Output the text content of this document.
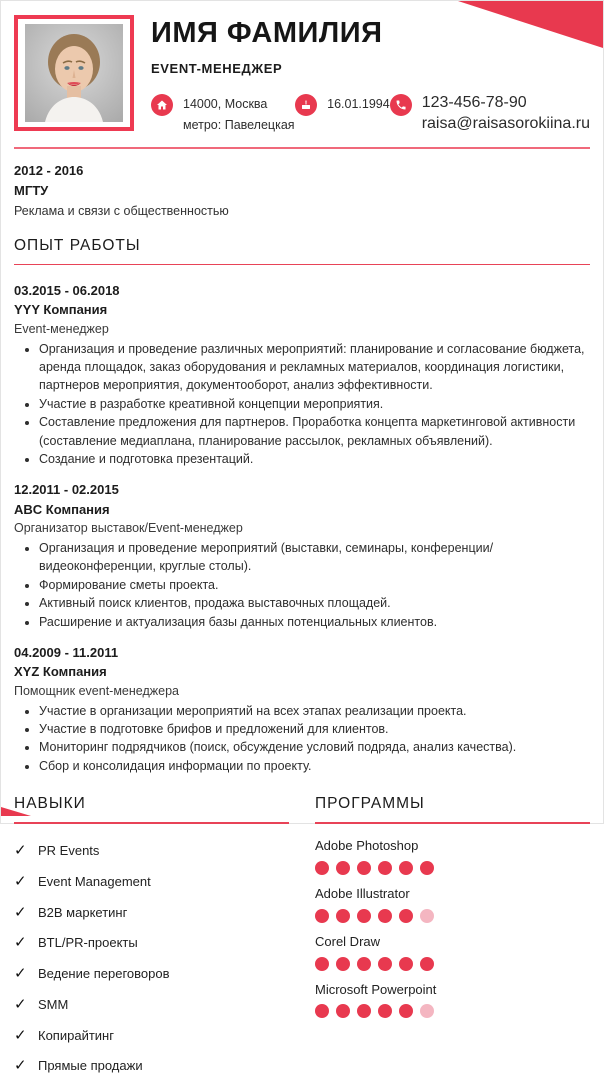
ИМЯ ФАМИЛИЯ
EVENT-МЕНЕДЖЕР
14000, Москва
метро: Павелецкая
16.01.1994 123-456-78-90
raisa@raisasorokiina.ru
2012 - 2016
МГТУ
Реклама и связи с общественностью
ОПЫТ РАБОТЫ
03.2015 - 06.2018
YYY Компания
Event-менеджер
• Организация и проведение различных мероприятий: планирование и согласование бюджета, аренда площадок, заказ оборудования и рекламных материалов, координация логистики, партнеров мероприятия, документооборот, анализ эффективности.
• Участие в разработке креативной концепции мероприятия.
• Составление предложения для партнеров. Проработка концепта маркетинговой активности (составление медиаплана, планирование рассылок, рекламных объявлений).
• Создание и подготовка презентаций.
12.2011 - 02.2015
ABC Компания
Организатор выставок/Event-менеджер
• Организация и проведение мероприятий (выставки, семинары, конференции/видеоконференции, круглые столы).
• Формирование сметы проекта.
• Активный поиск клиентов, продажа выставочных площадей.
• Расширение и актуализация базы данных потенциальных клиентов.
04.2009 - 11.2011
XYZ Компания
Помощник event-менеджера
• Участие в организации мероприятий на всех этапах реализации проекта.
• Участие в подготовке брифов и предложений для клиентов.
• Мониторинг подрядчиков (поиск, обсуждение условий подряда, анализ качества).
• Сбор и консолидация информации по проекту.
НАВЫКИ
✓ PR Events
✓ Event Management
✓ B2B маркетинг
✓ BTL/PR-проекты
✓ Ведение переговоров
✓ SMM
✓ Копирайтинг
✓ Прямые продажи
ПРОГРАММЫ
Adobe Photoshop
Adobe Illustrator
Corel Draw
Microsoft Powerpoint
